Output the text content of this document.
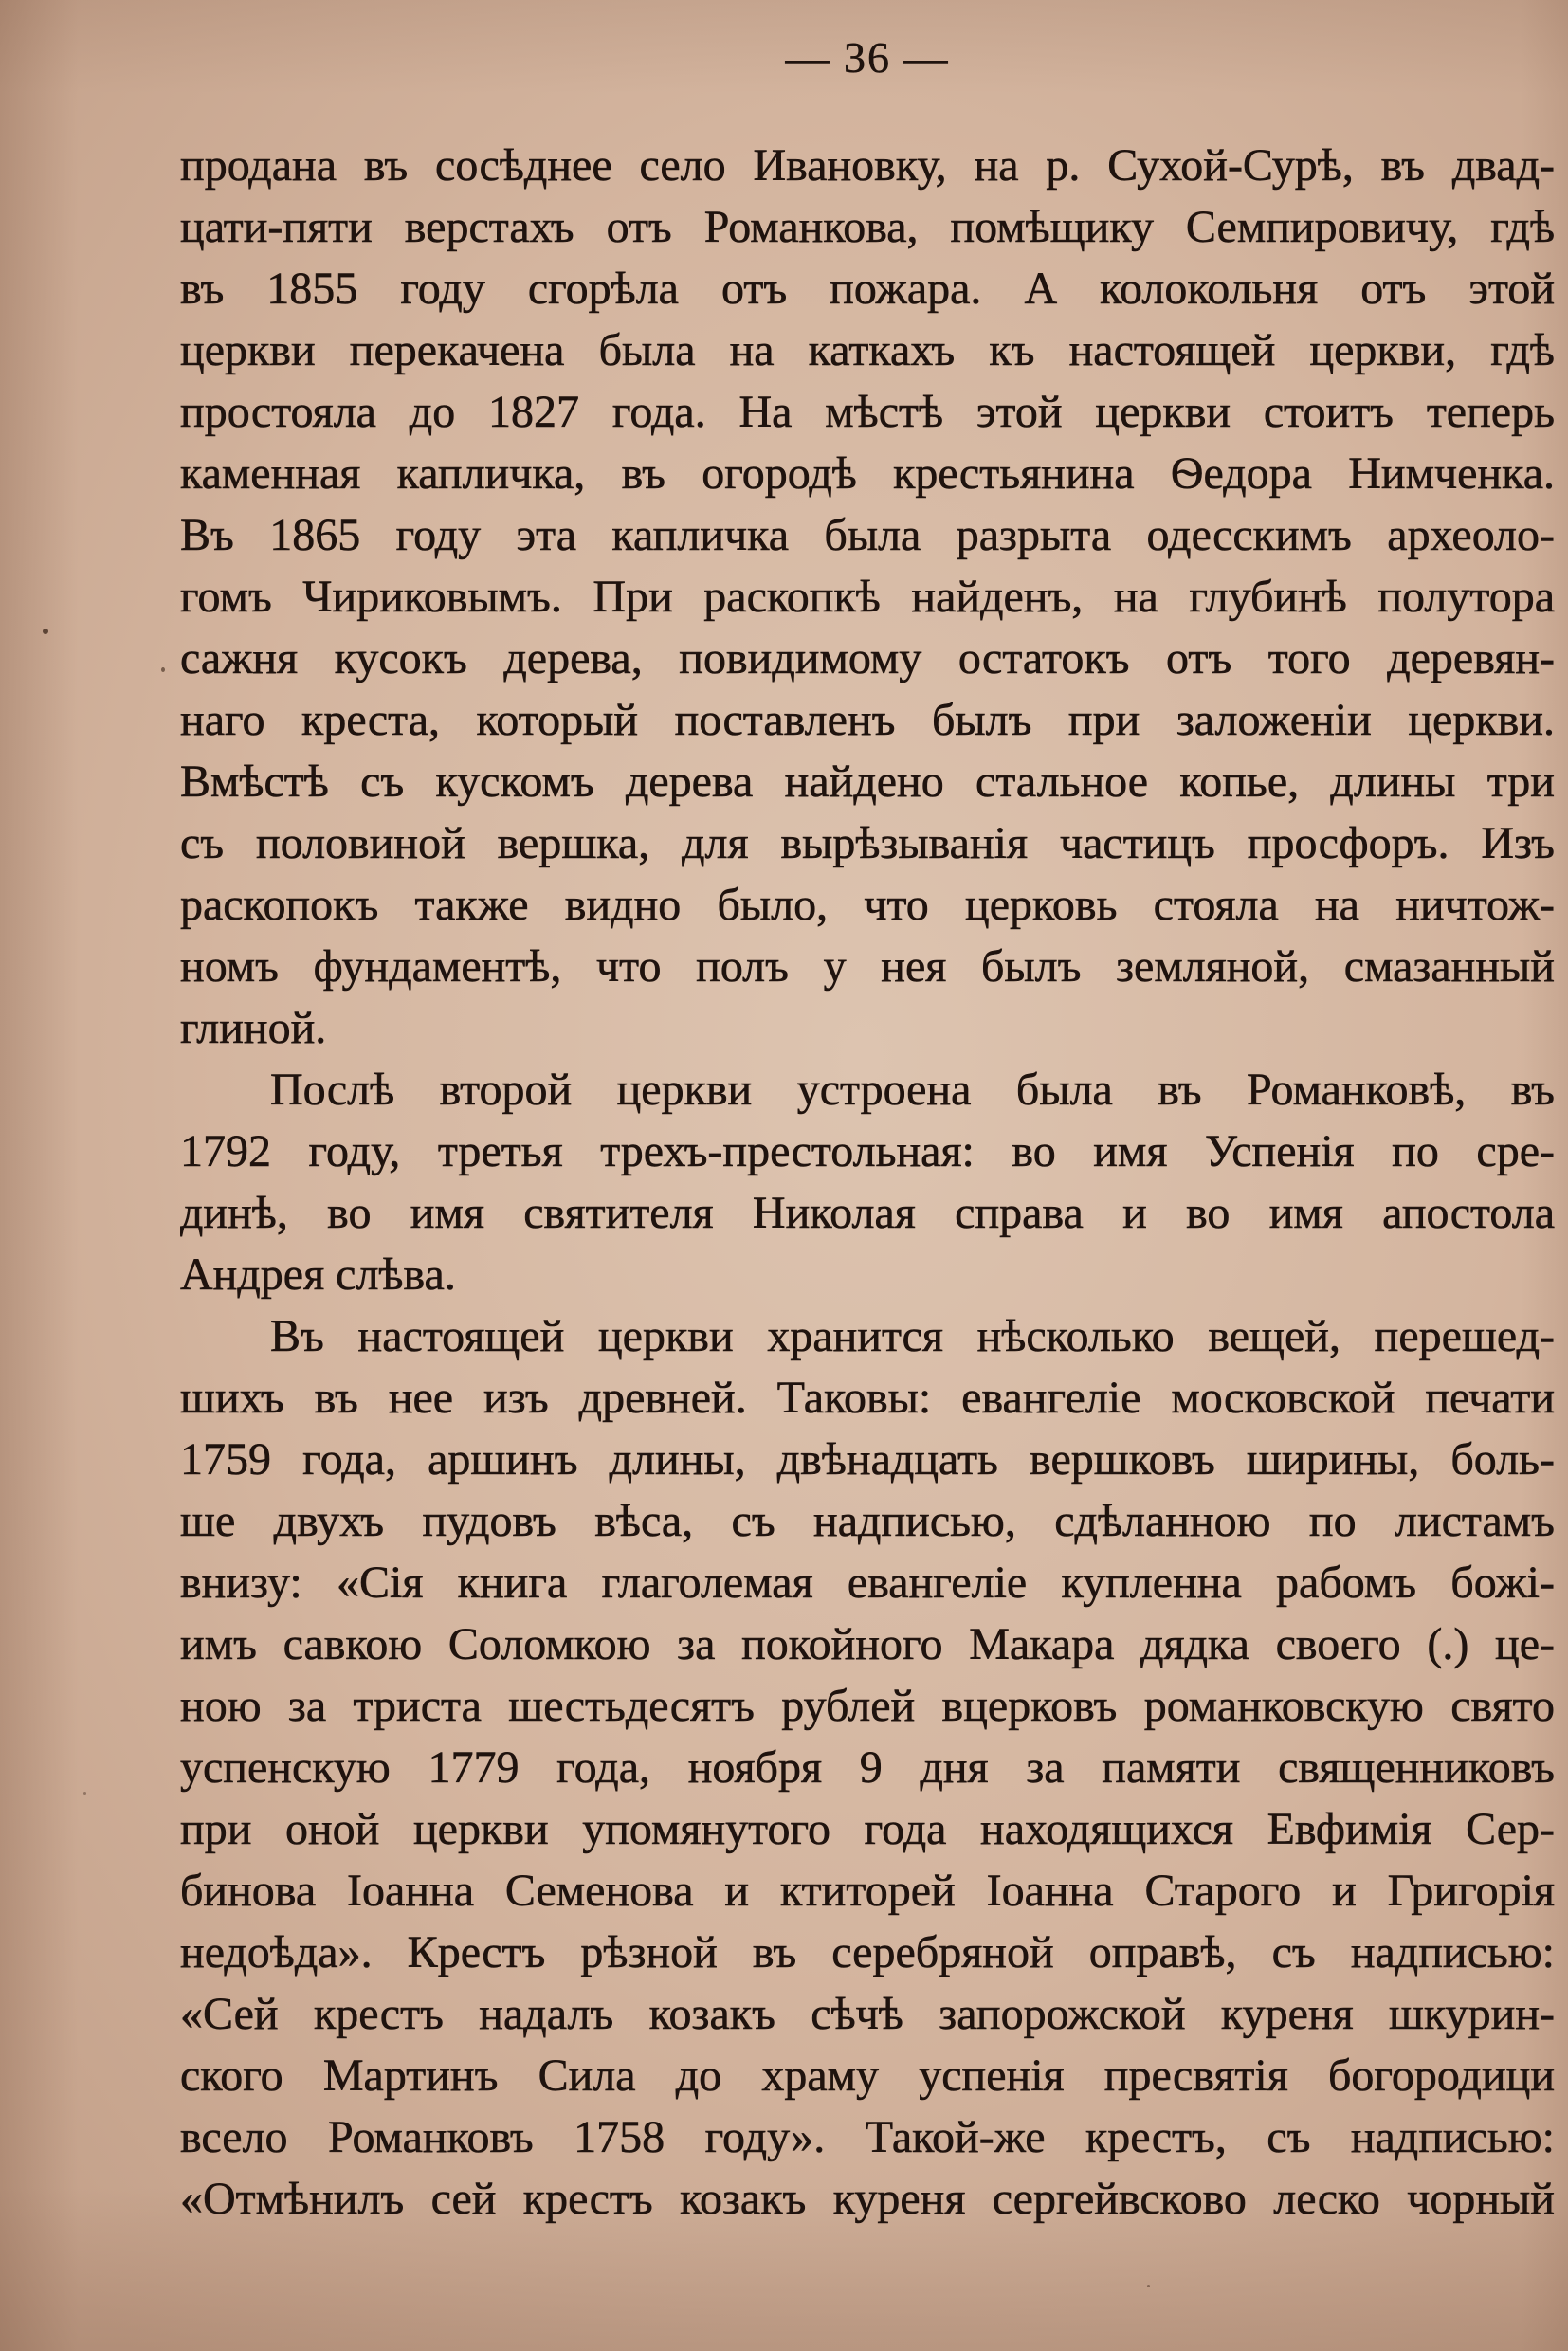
— 36 —
продана въ сосѣднее село Ивановку, на р. Сухой-Сурѣ, въ двад-
цати-пяти верстахъ отъ Романкова, помѣщику Семпировичу, гдѣ
въ 1855 году сгорѣла отъ пожара. А колокольня отъ этой
церкви перекачена была на каткахъ къ настоящей церкви, гдѣ
простояла до 1827 года. На мѣстѣ этой церкви стоитъ теперь
каменная капличка, въ огородѣ крестьянина Ѳедора Нимченка.
Въ 1865 году эта капличка была разрыта одесскимъ археоло-
гомъ Чириковымъ. При раскопкѣ найденъ, на глубинѣ полутора
сажня кусокъ дерева, повидимому остатокъ отъ того деревян-
наго креста, который поставленъ былъ при заложеніи церкви.
Вмѣстѣ съ кускомъ дерева найдено стальное копье, длины три
съ половиной вершка, для вырѣзыванія частицъ просфоръ. Изъ
раскопокъ также видно было, что церковь стояла на ничтож-
номъ фундаментѣ, что полъ у нея былъ земляной, смазанный
глиной.
Послѣ второй церкви устроена была въ Романковѣ, въ
1792 году, третья трехъ-престольная: во имя Успенія по сре-
динѣ, во имя святителя Николая справа и во имя апостола
Андрея слѣва.
Въ настоящей церкви хранится нѣсколько вещей, перешед-
шихъ въ нее изъ древней. Таковы: евангеліе московской печати
1759 года, аршинъ длины, двѣнадцать вершковъ ширины, боль-
ше двухъ пудовъ вѣса, съ надписью, сдѣланною по листамъ
внизу: «Сія книга глаголемая евангеліе купленна рабомъ божі-
имъ савкою Соломкою за покойного Макара дядка своего (.) це-
ною за триста шестьдесятъ рублей вцерковъ романковскую свято
успенскую 1779 года, ноября 9 дня за памяти священниковъ
при оной церкви упомянутого года находящихся Евфимія Сер-
бинова Іоанна Семенова и ктиторей Іоанна Старого и Григорія
недоѣда». Крестъ рѣзной въ серебряной оправѣ, съ надписью:
«Сей крестъ надалъ козакъ сѣчѣ запорожской куреня шкурин-
ского Мартинъ Сила до храму успенія пресвятія богородици
всело Романковъ 1758 году». Такой-же крестъ, съ надписью:
«Отмѣнилъ сей крестъ козакъ куреня сергейвсково леско чорный
